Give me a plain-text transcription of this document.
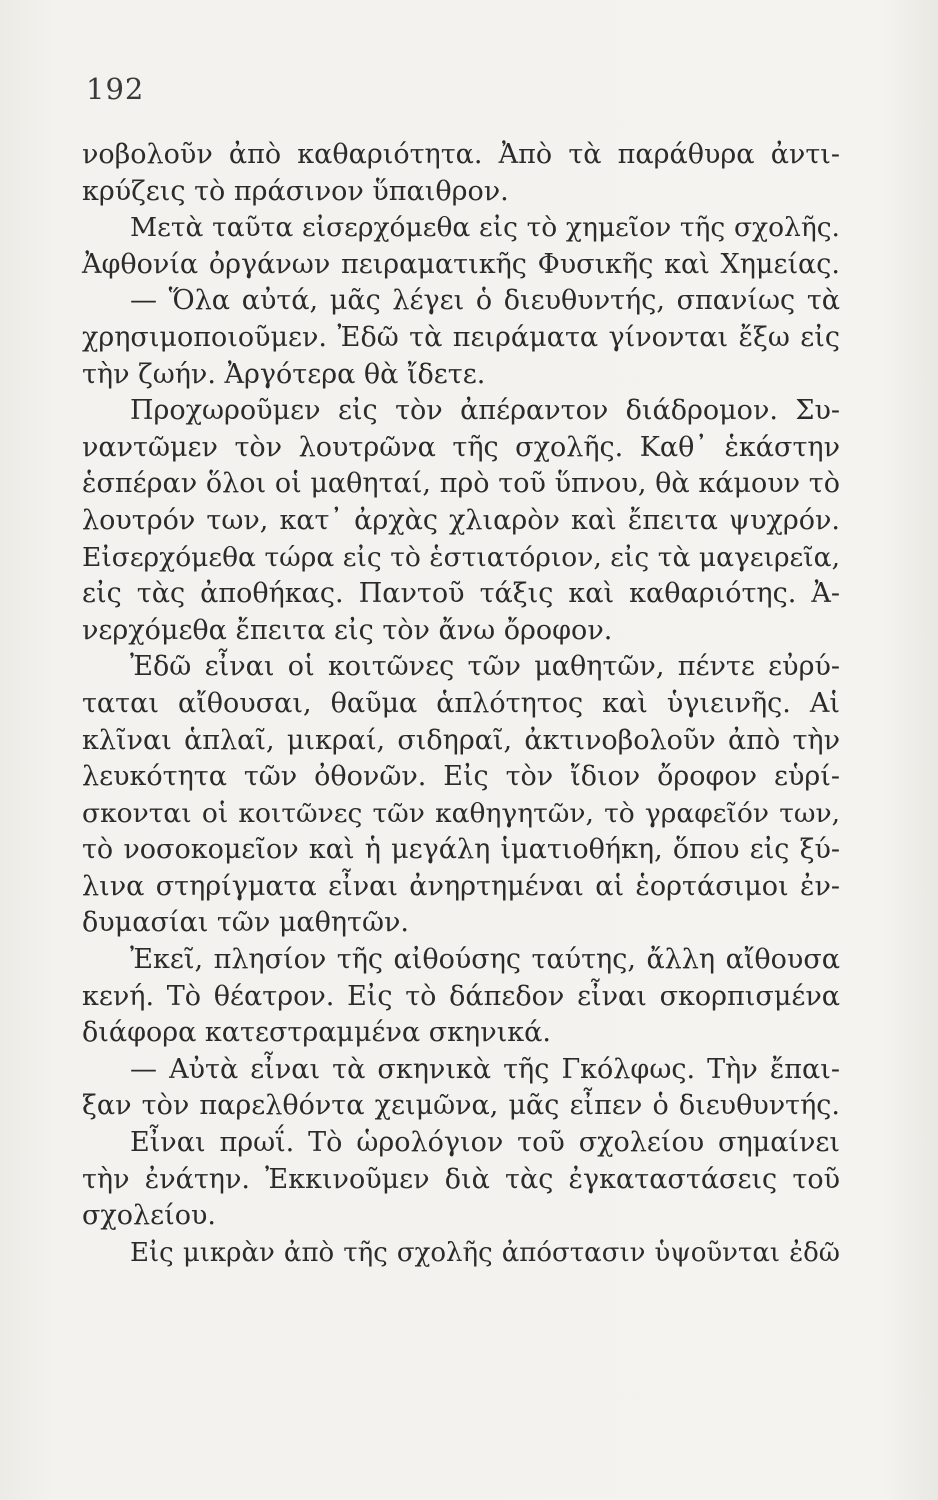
192
νοβολοῦν ἀπὸ καθαριότητα. Ἀπὸ τὰ παράθυρα ἀντι-
κρύζεις τὸ πράσινον ὕπαιθρον.
Μετὰ ταῦτα εἰσερχόμεθα εἰς τὸ χημεῖον τῆς σχολῆς.
Ἀφθονία ὀργάνων πειραματικῆς Φυσικῆς καὶ Χημείας.
— Ὅλα αὐτά, μᾶς λέγει ὁ διευθυντής, σπανίως τὰ
χρησιμοποιοῦμεν. Ἐδῶ τὰ πειράματα γίνονται ἔξω εἰς
τὴν ζωήν. Ἀργότερα θὰ ἴδετε.
Προχωροῦμεν εἰς τὸν ἀπέραντον διάδρομον. Συ-
ναντῶμεν τὸν λουτρῶνα τῆς σχολῆς. Καθ᾽ ἑκάστην
ἑσπέραν ὅλοι οἱ μαθηταί, πρὸ τοῦ ὕπνου, θὰ κάμουν τὸ
λουτρόν των, κατ᾽ ἀρχὰς χλιαρὸν καὶ ἔπειτα ψυχρόν.
Εἰσερχόμεθα τώρα εἰς τὸ ἑστιατόριον, εἰς τὰ μαγειρεῖα,
εἰς τὰς ἀποθήκας. Παντοῦ τάξις καὶ καθαριότης. Ἀ-
νερχόμεθα ἔπειτα εἰς τὸν ἄνω ὄροφον.
Ἐδῶ εἶναι οἱ κοιτῶνες τῶν μαθητῶν, πέντε εὐρύ-
ταται αἴθουσαι, θαῦμα ἁπλότητος καὶ ὑγιεινῆς. Αἱ
κλῖναι ἁπλαῖ, μικραί, σιδηραῖ, ἀκτινοβολοῦν ἀπὸ τὴν
λευκότητα τῶν ὀθονῶν. Εἰς τὸν ἴδιον ὄροφον εὑρί-
σκονται οἱ κοιτῶνες τῶν καθηγητῶν, τὸ γραφεῖόν των,
τὸ νοσοκομεῖον καὶ ἡ μεγάλη ἱματιοθήκη, ὅπου εἰς ξύ-
λινα στηρίγματα εἶναι ἀνηρτημέναι αἱ ἑορτάσιμοι ἐν-
δυμασίαι τῶν μαθητῶν.
Ἐκεῖ, πλησίον τῆς αἰθούσης ταύτης, ἄλλη αἴθουσα
κενή. Τὸ θέατρον. Εἰς τὸ δάπεδον εἶναι σκορπισμένα
διάφορα κατεστραμμένα σκηνικά.
— Αὐτὰ εἶναι τὰ σκηνικὰ τῆς Γκόλφως. Τὴν ἔπαι-
ξαν τὸν παρελθόντα χειμῶνα, μᾶς εἶπεν ὁ διευθυντής.
Εἶναι πρωΐ. Τὸ ὡρολόγιον τοῦ σχολείου σημαίνει
τὴν ἐνάτην. Ἐκκινοῦμεν διὰ τὰς ἐγκαταστάσεις τοῦ
σχολείου.
Εἰς μικρὰν ἀπὸ τῆς σχολῆς ἀπόστασιν ὑψοῦνται ἐδῶ
